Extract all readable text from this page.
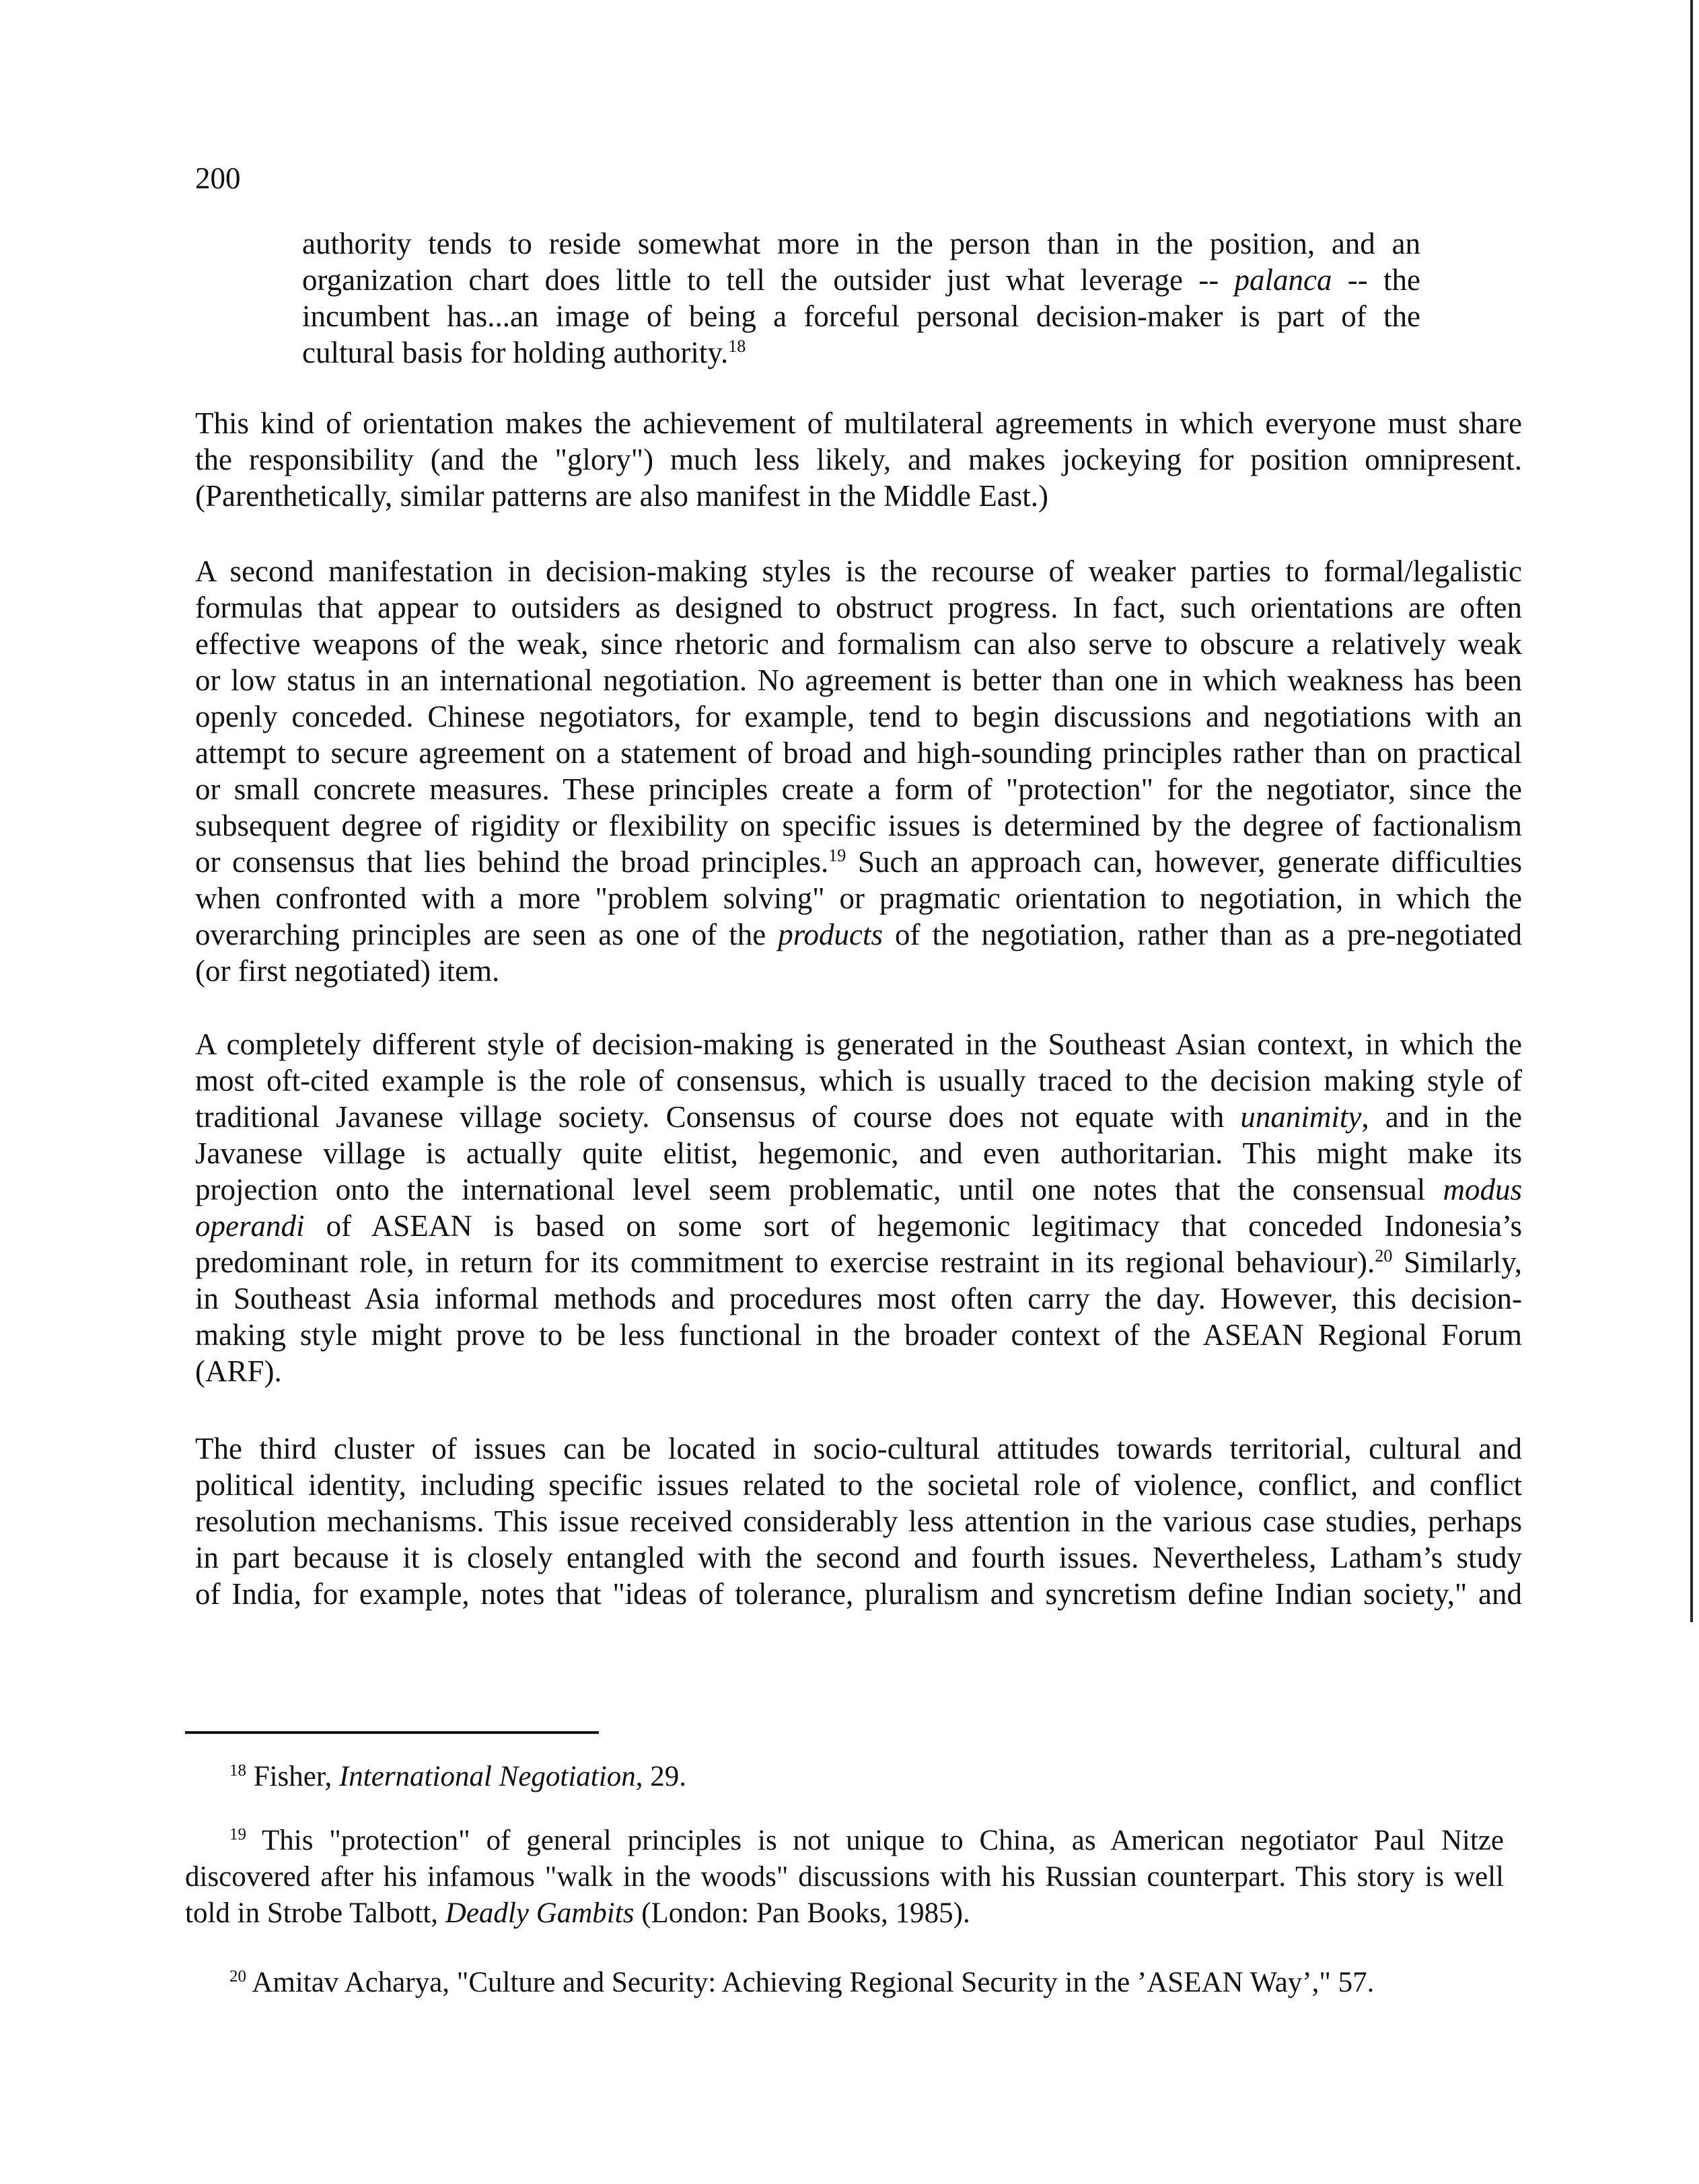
200
authority tends to reside somewhat more in the person than in the position, and an
organization chart does little to tell the outsider just what leverage -- palanca -- the
incumbent has...an image of being a forceful personal decision-maker is part of the
cultural basis for holding authority.$^{18}$
This kind of orientation makes the achievement of multilateral agreements in which everyone must share
the responsibility (and the "glory") much less likely, and makes jockeying for position omnipresent.
(Parenthetically, similar patterns are also manifest in the Middle East.)
A second manifestation in decision-making styles is the recourse of weaker parties to formal/legalistic
formulas that appear to outsiders as designed to obstruct progress. In fact, such orientations are often
effective weapons of the weak, since rhetoric and formalism can also serve to obscure a relatively weak
or low status in an international negotiation. No agreement is better than one in which weakness has been
openly conceded. Chinese negotiators, for example, tend to begin discussions and negotiations with an
attempt to secure agreement on a statement of broad and high-sounding principles rather than on practical
or small concrete measures. These principles create a form of "protection" for the negotiator, since the
subsequent degree of rigidity or flexibility on specific issues is determined by the degree of factionalism
or consensus that lies behind the broad principles.$^{19}$ Such an approach can, however, generate difficulties
when confronted with a more "problem solving" or pragmatic orientation to negotiation, in which the
overarching principles are seen as one of the products of the negotiation, rather than as a pre-negotiated
(or first negotiated) item.
A completely different style of decision-making is generated in the Southeast Asian context, in which the
most oft-cited example is the role of consensus, which is usually traced to the decision making style of
traditional Javanese village society. Consensus of course does not equate with unanimity, and in the
Javanese village is actually quite elitist, hegemonic, and even authoritarian. This might make its
projection onto the international level seem problematic, until one notes that the consensual modus
operandi of ASEAN is based on some sort of hegemonic legitimacy that conceded Indonesia’s
predominant role, in return for its commitment to exercise restraint in its regional behaviour).$^{20}$ Similarly,
in Southeast Asia informal methods and procedures most often carry the day. However, this decision-
making style might prove to be less functional in the broader context of the ASEAN Regional Forum
(ARF).
The third cluster of issues can be located in socio-cultural attitudes towards territorial, cultural and
political identity, including specific issues related to the societal role of violence, conflict, and conflict
resolution mechanisms. This issue received considerably less attention in the various case studies, perhaps
in part because it is closely entangled with the second and fourth issues. Nevertheless, Latham’s study
of India, for example, notes that "ideas of tolerance, pluralism and syncretism define Indian society," and
$^{18}$ Fisher, International Negotiation, 29.
$^{19}$ This "protection" of general principles is not unique to China, as American negotiator Paul Nitze
discovered after his infamous "walk in the woods" discussions with his Russian counterpart. This story is well
told in Strobe Talbott, Deadly Gambits (London: Pan Books, 1985).
$^{20}$ Amitav Acharya, "Culture and Security: Achieving Regional Security in the ’ASEAN Way’," 57.
